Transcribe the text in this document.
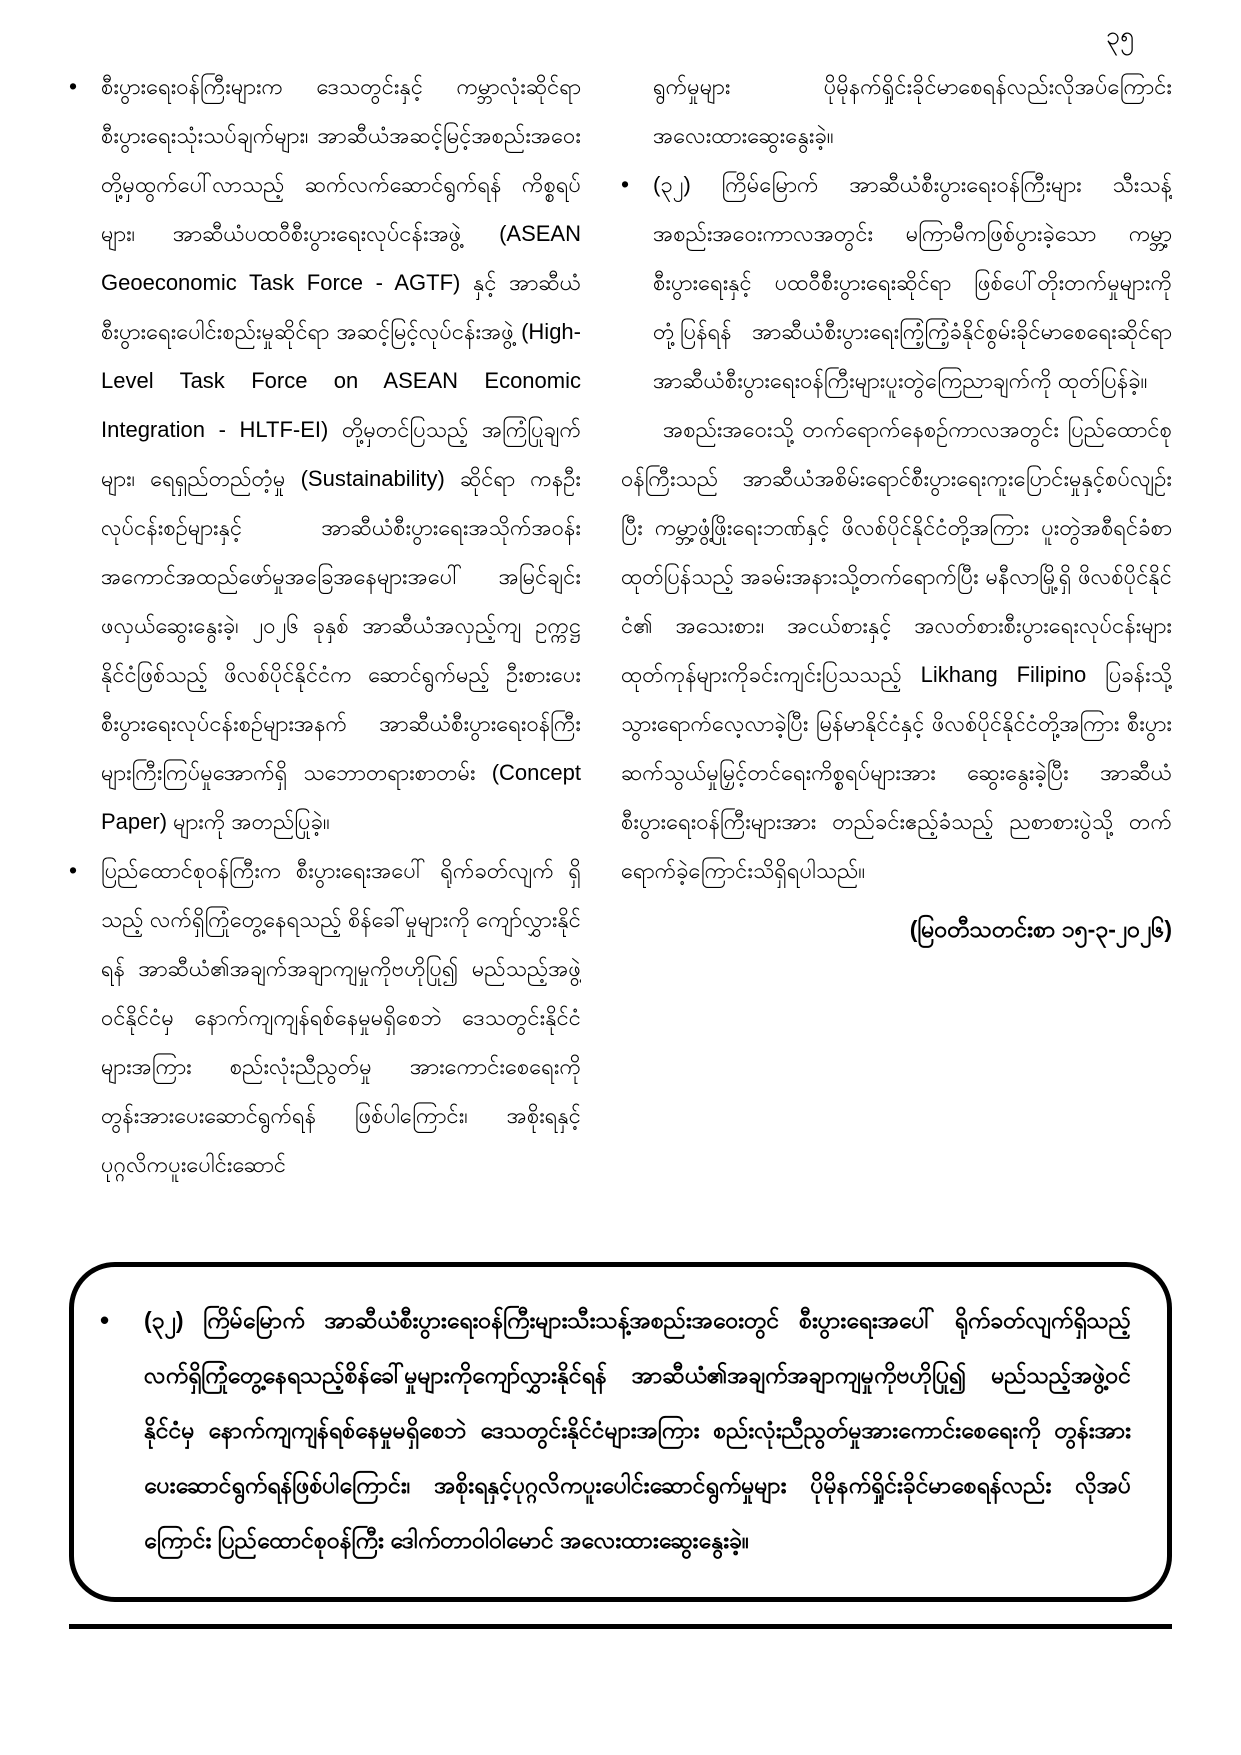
၃၅
•	စီးပွားရေးဝန်ကြီးများက ဒေသတွင်းနှင့် ကမ္ဘာလုံးဆိုင်ရာ စီးပွားရေးသုံးသပ်ချက်များ၊ အာဆီယံအဆင့်မြင့်အစည်းအဝေးတို့မှထွက်ပေါ်လာသည့် ဆက်လက်ဆောင်ရွက်ရန် ကိစ္စရပ်များ၊ အာဆီယံပထဝီစီးပွားရေးလုပ်ငန်းအဖွဲ့ (ASEAN Geoeconomic Task Force - AGTF) နှင့် အာဆီယံစီးပွားရေးပေါင်းစည်းမှုဆိုင်ရာ အဆင့်မြင့်လုပ်ငန်းအဖွဲ့ (High-Level Task Force on ASEAN Economic Integration - HLTF-EI) တို့မှတင်ပြသည့် အကြံပြုချက်များ၊ ရေရှည်တည်တံ့မှု (Sustainability) ဆိုင်ရာ ကနဦးလုပ်ငန်းစဉ်များနှင့် အာဆီယံစီးပွားရေးအသိုက်အဝန်း အကောင်အထည်ဖော်မှုအခြေအနေများအပေါ် အမြင်ချင်းဖလှယ်ဆွေးနွေးခဲ့၊ ၂၀၂၆ ခုနှစ် အာဆီယံအလှည့်ကျ ဥက္ကဋ္ဌနိုင်ငံဖြစ်သည့် ဖိလစ်ပိုင်နိုင်ငံက ဆောင်ရွက်မည့် ဦးစားပေးစီးပွားရေးလုပ်ငန်းစဉ်များအနက် အာဆီယံစီးပွားရေးဝန်ကြီးများကြီးကြပ်မှုအောက်ရှိ သဘောတရားစာတမ်း (Concept Paper) များကို အတည်ပြုခဲ့။

•	ပြည်ထောင်စုဝန်ကြီးက စီးပွားရေးအပေါ် ရိုက်ခတ်လျက် ရှိသည့် လက်ရှိကြုံတွေ့နေရသည့် စိန်ခေါ်မှုများကို ကျော်လွှားနိုင်ရန် အာဆီယံ၏အချက်အချာကျမှုကိုဗဟိုပြု၍ မည်သည့်အဖွဲ့ဝင်နိုင်ငံမှ နောက်ကျကျန်ရစ်နေမှုမရှိစေဘဲ ဒေသတွင်းနိုင်ငံများအကြား စည်းလုံးညီညွတ်မှု အားကောင်းစေရေးကို တွန်းအားပေးဆောင်ရွက်ရန် ဖြစ်ပါကြောင်း၊ အစိုးရနှင့်ပုဂ္ဂလိကပူးပေါင်းဆောင်

ရွက်မှုများ ပိုမိုနက်ရှိုင်းခိုင်မာစေရန်လည်းလိုအပ်ကြောင်း အလေးထားဆွေးနွေးခဲ့။

•	(၃၂) ကြိမ်မြောက် အာဆီယံစီးပွားရေးဝန်ကြီးများ သီးသန့် အစည်းအဝေးကာလအတွင်း မကြာမီကဖြစ်ပွားခဲ့သော ကမ္ဘာ့စီးပွားရေးနှင့် ပထဝီစီးပွားရေးဆိုင်ရာ ဖြစ်ပေါ်တိုးတက်မှုများကိုတုံ့ပြန်ရန် အာဆီယံစီးပွားရေးကြံ့ကြံ့ခံနိုင်စွမ်းခိုင်မာစေရေးဆိုင်ရာ အာဆီယံစီးပွားရေးဝန်ကြီးများပူးတွဲကြေညာချက်ကို ထုတ်ပြန်ခဲ့။

အစည်းအဝေးသို့ တက်ရောက်နေစဉ်ကာလအတွင်း ပြည်ထောင်စုဝန်ကြီးသည် အာဆီယံအစိမ်းရောင်စီးပွားရေးကူးပြောင်းမှုနှင့်စပ်လျဉ်းပြီး ကမ္ဘာ့ဖွံ့ဖြိုးရေးဘဏ်နှင့် ဖိလစ်ပိုင်နိုင်ငံတို့အကြား ပူးတွဲအစီရင်ခံစာထုတ်ပြန်သည့် အခမ်းအနားသို့တက်ရောက်ပြီး မနီလာမြို့ရှိ ဖိလစ်ပိုင်နိုင်ငံ၏ အသေးစား၊ အငယ်စားနှင့် အလတ်စားစီးပွားရေးလုပ်ငန်းများ ထုတ်ကုန်များကိုခင်းကျင်းပြသသည့် Likhang Filipino ပြခန်းသို့ သွားရောက်လေ့လာခဲ့ပြီး မြန်မာနိုင်ငံနှင့် ဖိလစ်ပိုင်နိုင်ငံတို့အကြား စီးပွားဆက်သွယ်မှုမြှင့်တင်ရေးကိစ္စရပ်များအား ဆွေးနွေးခဲ့ပြီး အာဆီယံစီးပွားရေးဝန်ကြီးများအား တည်ခင်းဧည့်ခံသည့် ညစာစားပွဲသို့ တက်ရောက်ခဲ့ကြောင်းသိရှိရပါသည်။

(မြဝတီသတင်းစာ ၁၅-၃-၂၀၂၆)

•	(၃၂) ကြိမ်မြောက် အာဆီယံစီးပွားရေးဝန်ကြီးများသီးသန့်အစည်းအဝေးတွင် စီးပွားရေးအပေါ် ရိုက်ခတ်လျက်ရှိသည့် လက်ရှိကြုံတွေ့နေရသည့်စိန်ခေါ်မှုများကိုကျော်လွှားနိုင်ရန် အာဆီယံ၏အချက်အချာကျမှုကိုဗဟိုပြု၍ မည်သည့်အဖွဲ့ဝင်နိုင်ငံမှ နောက်ကျကျန်ရစ်နေမှုမရှိစေဘဲ ဒေသတွင်းနိုင်ငံများအကြား စည်းလုံးညီညွတ်မှုအားကောင်းစေရေးကို တွန်းအားပေးဆောင်ရွက်ရန်ဖြစ်ပါကြောင်း၊ အစိုးရနှင့်ပုဂ္ဂလိကပူးပေါင်းဆောင်ရွက်မှုများ ပိုမိုနက်ရှိုင်းခိုင်မာစေရန်လည်း လိုအပ်ကြောင်း ပြည်ထောင်စုဝန်ကြီး ဒေါက်တာဝါဝါမောင် အလေးထားဆွေးနွေးခဲ့။
